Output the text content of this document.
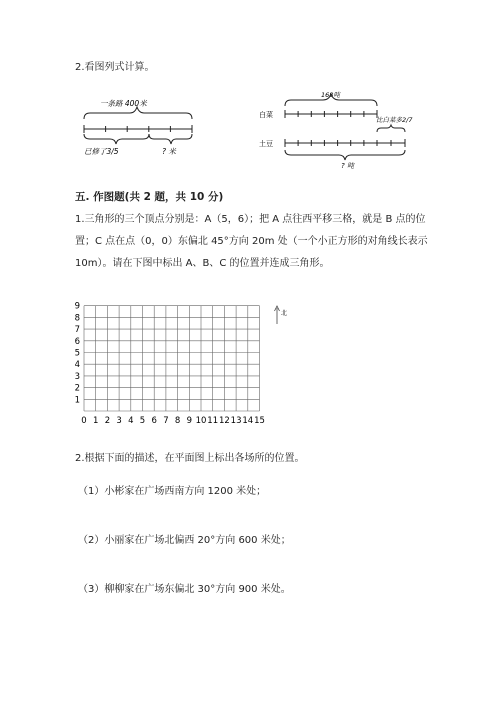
2.看图列式计算。
一条路 400米
已修了3/5	? 米
168吨
白菜
比白菜多2/7
土豆
? 吨
五. 作图题(共 2 题，共 10 分)
1.三角形的三个顶点分别是：A（5，6）；把 A 点往西平移三格，就是 B 点的位
置；C 点在点（0，0）东偏北 45°方向 20m 处（一个小正方形的对角线长表示
10m）。请在下图中标出 A、B、C 的位置并连成三角形。
0 1 2 3 4 5 6 7 8 9 10 11 12 13 14 15
1
2
3
4
5
6
7
8
9
北
2.根据下面的描述，在平面图上标出各场所的位置。
（1）小彬家在广场西南方向 1200 米处；
（2）小丽家在广场北偏西 20°方向 600 米处；
（3）柳柳家在广场东偏北 30°方向 900 米处。
